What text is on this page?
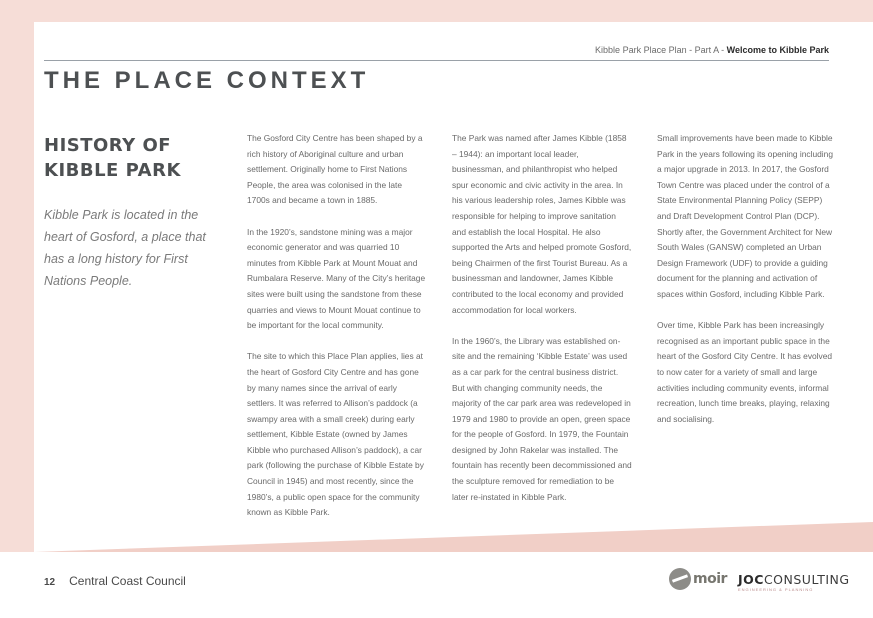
Kibble Park Place Plan - Part A - Welcome to Kibble Park
THE PLACE CONTEXT
HISTORY OF KIBBLE PARK
Kibble Park is located in the heart of Gosford, a place that has a long history for First Nations People.

The Gosford City Centre has been shaped by a rich history of Aboriginal culture and urban settlement. Originally home to First Nations People, the area was colonised in the late 1700s and became a town in 1885.

In the 1920’s, sandstone mining was a major economic generator and was quarried 10 minutes from Kibble Park at Mount Mouat and Rumbalara Reserve. Many of the City’s heritage sites were built using the sandstone from these quarries and views to Mount Mouat continue to be important for the local community.

The site to which this Place Plan applies, lies at the heart of Gosford City Centre and has gone by many names since the arrival of early settlers. It was referred to Allison’s paddock (a swampy area with a small creek) during early settlement, Kibble Estate (owned by James Kibble who purchased Allison’s paddock), a car park (following the purchase of Kibble Estate by Council in 1945) and most recently, since the 1980’s, a public open space for the community known as Kibble Park.

The Park was named after James Kibble (1858 – 1944): an important local leader, businessman, and philanthropist who helped spur economic and civic activity in the area. In his various leadership roles, James Kibble was responsible for helping to improve sanitation and establish the local Hospital. He also supported the Arts and helped promote Gosford, being Chairmen of the first Tourist Bureau. As a businessman and landowner, James Kibble contributed to the local economy and provided accommodation for local workers.

In the 1960’s, the Library was established on-site and the remaining ‘Kibble Estate’ was used as a car park for the central business district. But with changing community needs, the majority of the car park area was redeveloped in 1979 and 1980 to provide an open, green space for the people of Gosford. In 1979, the Fountain designed by John Rakelar was installed. The fountain has recently been decommissioned and the sculpture removed for remediation to be later re-instated in Kibble Park.

Small improvements have been made to Kibble Park in the years following its opening including a major upgrade in 2013. In 2017, the Gosford Town Centre was placed under the control of a State Environmental Planning Policy (SEPP) and Draft Development Control Plan (DCP). Shortly after, the Government Architect for New South Wales (GANSW) completed an Urban Design Framework (UDF) to provide a guiding document for the planning and activation of spaces within Gosford, including Kibble Park.

Over time, Kibble Park has been increasingly recognised as an important public space in the heart of the Gosford City Centre. It has evolved to now cater for a variety of small and large activities including community events, informal recreation, lunch time breaks, playing, relaxing and socialising.

12 Central Coast Council	moir JOCCONSULTING
ENGINEERING & PLANNING
